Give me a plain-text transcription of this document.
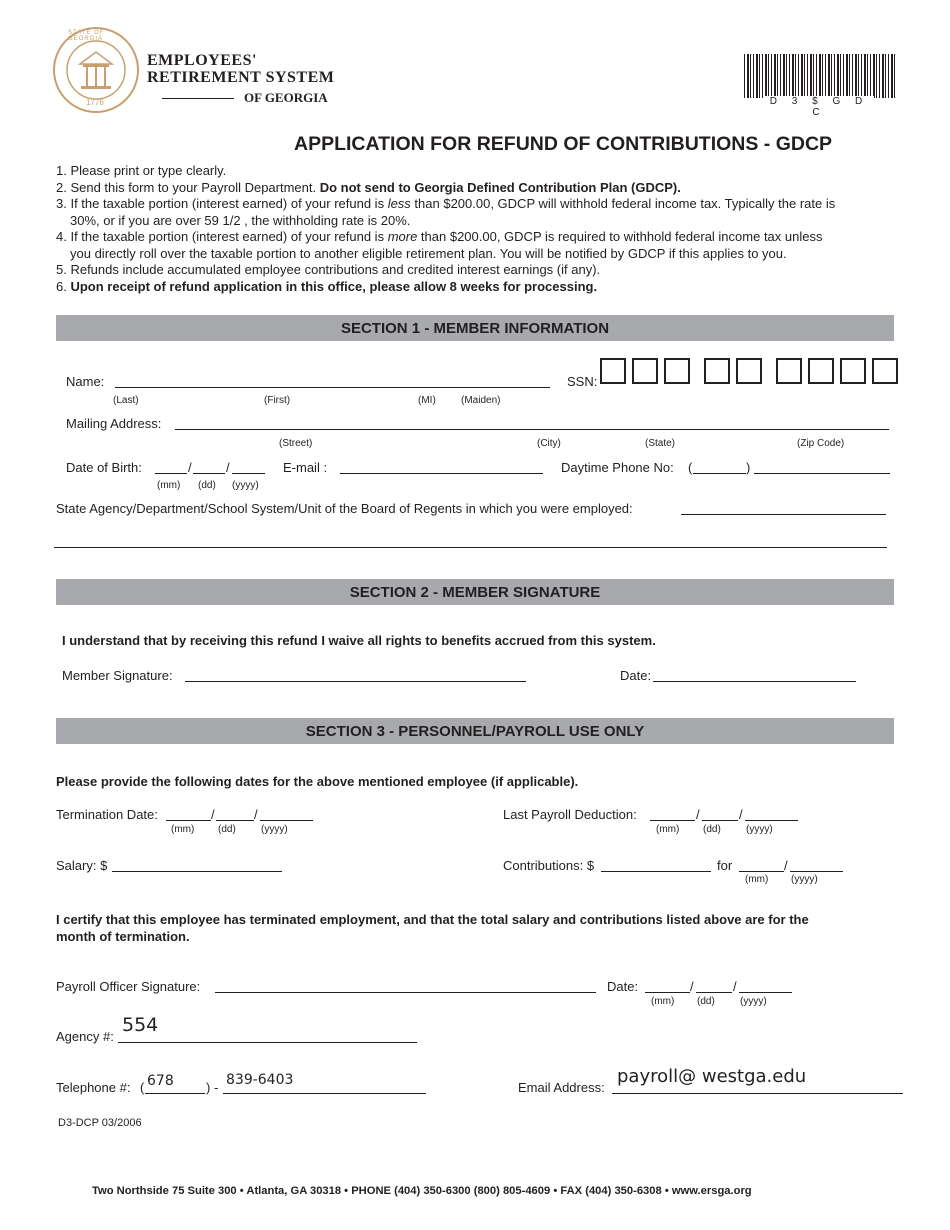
1776
STATE OF GEORGIA
EMPLOYEES'
RETIREMENT SYSTEM
OF GEORGIA	D 3 $ G D C
APPLICATION FOR REFUND OF CONTRIBUTIONS - GDCP
1. Please print or type clearly.
2. Send this form to your Payroll Department. Do not send to Georgia Defined Contribution Plan (GDCP).
3. If the taxable portion (interest earned) of your refund is less than $200.00, GDCP will withhold federal income tax. Typically the rate is
30%, or if you are over 59 1/2 , the withholding rate is 20%.
4. If the taxable portion (interest earned) of your refund is more than $200.00, GDCP is required to withhold federal income tax unless
you directly roll over the taxable portion to another eligible retirement plan. You will be notified by GDCP if this applies to you.
5. Refunds include accumulated employee contributions and credited interest earnings (if any).
6. Upon receipt of refund application in this office, please allow 8 weeks for processing.
SECTION 1 - MEMBER INFORMATION
Name:
(Last)	(First)	(MI)	(Maiden)
SSN:
Mailing Address:
(Street)	(City)	(State)	(Zip Code)
Date of Birth:	/	/
(mm) (dd) (yyyy)
E-mail :	Daytime Phone No: (	)
State Agency/Department/School System/Unit of the Board of Regents in which you were employed:
SECTION 2 - MEMBER SIGNATURE
I understand that by receiving this refund I waive all rights to benefits accrued from this system.
Member Signature:	Date:
SECTION 3 - PERSONNEL/PAYROLL USE ONLY
Please provide the following dates for the above mentioned employee (if applicable).
Termination Date:	/	/
(mm) (dd)	(yyyy)
Last Payroll Deduction:	/	/
(mm) (dd)	(yyyy)
Salary: $	Contributions: $	for	/
(mm) (yyyy)
I certify that this employee has terminated employment, and that the total salary and contributions listed above are for the
month of termination.
Payroll Officer Signature:	Date:	/	/
(mm) (dd)	(yyyy)
Agency #:
554
Telephone #: ( 678 ) - 839-6403	Email Address:
payroll@ westga.edu
D3-DCP 03/2006
Two Northside 75 Suite 300 • Atlanta, GA 30318 • PHONE (404) 350-6300 (800) 805-4609 • FAX (404) 350-6308 • www.ersga.org
